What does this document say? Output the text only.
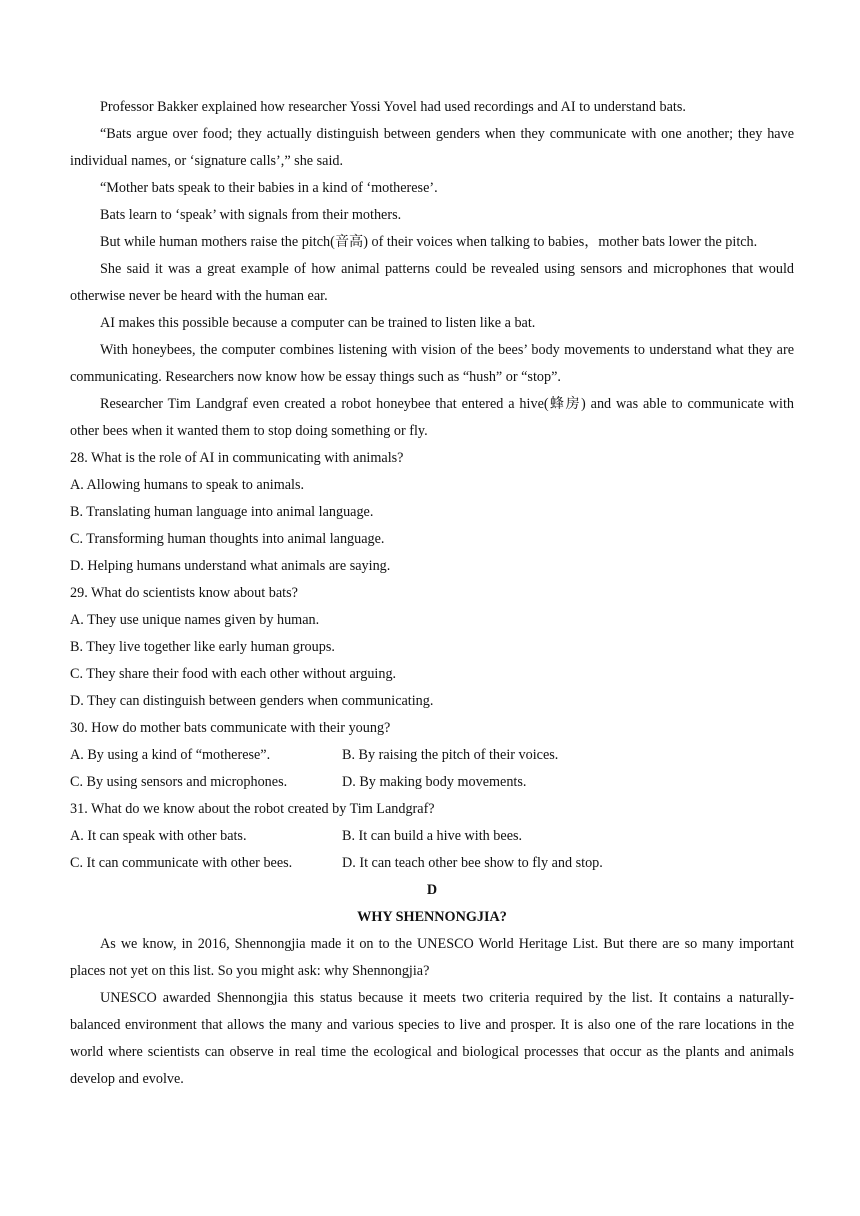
Professor Bakker explained how researcher Yossi Yovel had used recordings and AI to understand bats.

“Bats argue over food; they actually distinguish between genders when they communicate with one another; they have individual names, or ‘signature calls’,” she said.

“Mother bats speak to their babies in a kind of ‘motherese’.

Bats learn to ‘speak’ with signals from their mothers.

But while human mothers raise the pitch(音高) of their voices when talking to babies，mother bats lower the pitch.

She said it was a great example of how animal patterns could be revealed using sensors and microphones that would otherwise never be heard with the human ear.

AI makes this possible because a computer can be trained to listen like a bat.

With honeybees, the computer combines listening with vision of the bees’ body movements to understand what they are communicating. Researchers now know how be essay things such as “hush” or “stop”.

Researcher Tim Landgraf even created a robot honeybee that entered a hive(蜂房) and was able to communicate with other bees when it wanted them to stop doing something or fly.

28. What is the role of AI in communicating with animals?

A. Allowing humans to speak to animals.

B. Translating human language into animal language.

C. Transforming human thoughts into animal language.

D. Helping humans understand what animals are saying.

29. What do scientists know about bats?

A. They use unique names given by human.

B. They live together like early human groups.

C. They share their food with each other without arguing.

D. They can distinguish between genders when communicating.

30. How do mother bats communicate with their young?

A. By using a kind of “motherese”.	B. By raising the pitch of their voices.
C. By using sensors and microphones.	D. By making body movements.

31. What do we know about the robot created by Tim Landgraf?

A. It can speak with other bats.	B. It can build a hive with bees.
C. It can communicate with other bees.	D. It can teach other bee show to fly and stop.

D

WHY SHENNONGJIA?

As we know, in 2016, Shennongjia made it on to the UNESCO World Heritage List. But there are so many important places not yet on this list. So you might ask: why Shennongjia?

UNESCO awarded Shennongjia this status because it meets two criteria required by the list. It contains a naturally-balanced environment that allows the many and various species to live and prosper. It is also one of the rare locations in the world where scientists can observe in real time the ecological and biological processes that occur as the plants and animals develop and evolve.
